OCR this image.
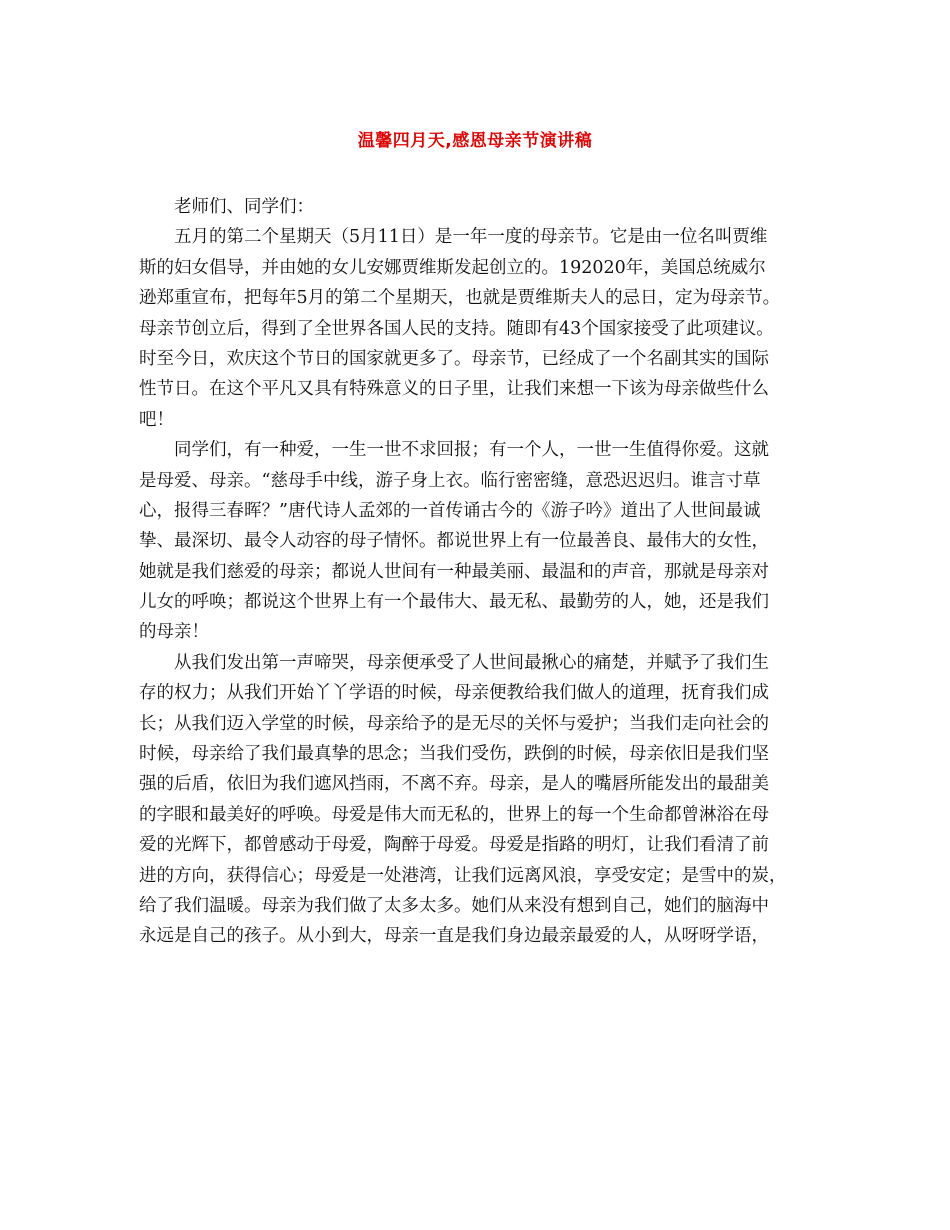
温馨四月天,感恩母亲节演讲稿
老师们、同学们：
五月的第二个星期天（5月11日）是一年一度的母亲节。它是由一位名叫贾维
斯的妇女倡导，并由她的女儿安娜贾维斯发起创立的。192020年，美国总统威尔
逊郑重宣布，把每年5月的第二个星期天，也就是贾维斯夫人的忌日，定为母亲节。
母亲节创立后，得到了全世界各国人民的支持。随即有43个国家接受了此项建议。
时至今日，欢庆这个节日的国家就更多了。母亲节，已经成了一个名副其实的国际
性节日。在这个平凡又具有特殊意义的日子里，让我们来想一下该为母亲做些什么
吧！
同学们，有一种爱，一生一世不求回报；有一个人，一世一生值得你爱。这就
是母爱、母亲。“慈母手中线，游子身上衣。临行密密缝，意恐迟迟归。谁言寸草
心，报得三春晖？”唐代诗人孟郊的一首传诵古今的《游子吟》道出了人世间最诚
挚、最深切、最令人动容的母子情怀。都说世界上有一位最善良、最伟大的女性，
她就是我们慈爱的母亲；都说人世间有一种最美丽、最温和的声音，那就是母亲对
儿女的呼唤；都说这个世界上有一个最伟大、最无私、最勤劳的人，她，还是我们
的母亲！
从我们发出第一声啼哭，母亲便承受了人世间最揪心的痛楚，并赋予了我们生
存的权力；从我们开始丫丫学语的时候，母亲便教给我们做人的道理，抚育我们成
长；从我们迈入学堂的时候，母亲给予的是无尽的关怀与爱护；当我们走向社会的
时候，母亲给了我们最真挚的思念；当我们受伤，跌倒的时候，母亲依旧是我们坚
强的后盾，依旧为我们遮风挡雨，不离不弃。母亲，是人的嘴唇所能发出的最甜美
的字眼和最美好的呼唤。母爱是伟大而无私的，世界上的每一个生命都曾淋浴在母
爱的光辉下，都曾感动于母爱，陶醉于母爱。母爱是指路的明灯，让我们看清了前
进的方向，获得信心；母爱是一处港湾，让我们远离风浪，享受安定；是雪中的炭，
给了我们温暖。母亲为我们做了太多太多。她们从来没有想到自己，她们的脑海中
永远是自己的孩子。从小到大，母亲一直是我们身边最亲最爱的人，从呀呀学语，
